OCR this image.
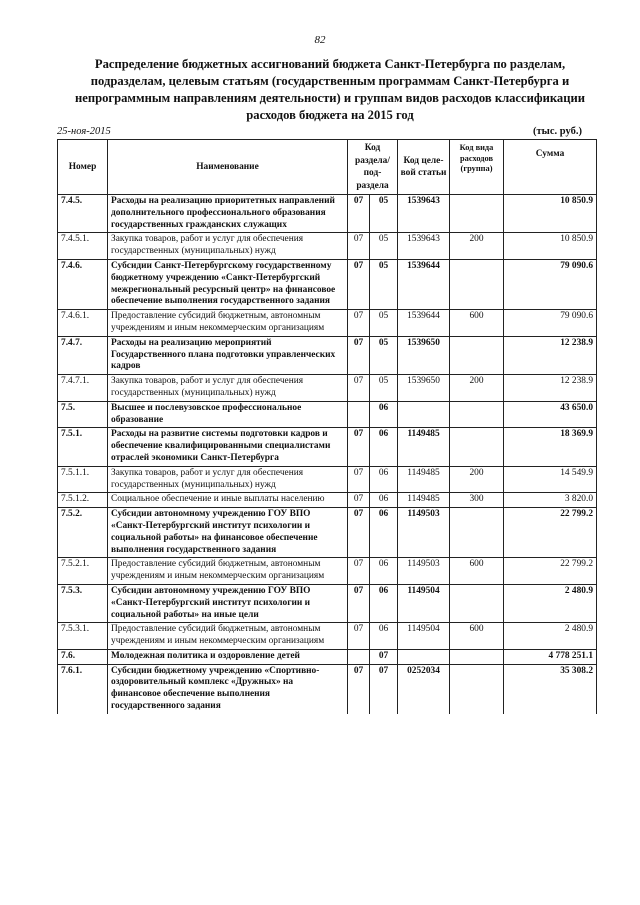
82
Распределение бюджетных ассигнований бюджета Санкт-Петербурга по разделам, подразделам, целевым статьям (государственным программам Санкт-Петербурга и непрограммным направлениям деятельности) и группам видов расходов классификации расходов бюджета на 2015 год
25-ноя-2015	(тыс. руб.)
Номер	Наименование	Код раздела/ под- раздела		Код целе- вой статьи	Код вида расходов (группа)	Сумма
7.4.5.	Расходы на реализацию приоритетных направлений дополнительного профессионального образования государственных гражданских служащих	07	05	1539643		10 850.9
7.4.5.1.	Закупка товаров, работ и услуг для обеспечения государственных (муниципальных) нужд	07	05	1539643	200	10 850.9
7.4.6.	Субсидии Санкт-Петербургскому государственному бюджетному учреждению «Санкт-Петербургский межрегиональный ресурсный центр» на финансовое обеспечение выполнения государственного задания	07	05	1539644		79 090.6
7.4.6.1.	Предоставление субсидий бюджетным, автономным учреждениям и иным некоммерческим организациям	07	05	1539644	600	79 090.6
7.4.7.	Расходы на реализацию мероприятий Государственного плана подготовки управленческих кадров	07	05	1539650		12 238.9
7.4.7.1.	Закупка товаров, работ и услуг для обеспечения государственных (муниципальных) нужд	07	05	1539650	200	12 238.9
7.5.	Высшее и послевузовское профессиональное образование		06			43 650.0
7.5.1.	Расходы на развитие системы подготовки кадров и обеспечение квалифицированными специалистами отраслей экономики Санкт-Петербурга	07	06	1149485		18 369.9
7.5.1.1.	Закупка товаров, работ и услуг для обеспечения государственных (муниципальных) нужд	07	06	1149485	200	14 549.9
7.5.1.2.	Социальное обеспечение и иные выплаты населению	07	06	1149485	300	3 820.0
7.5.2.	Субсидии автономному учреждению ГОУ ВПО «Санкт-Петербургский институт психологии и социальной работы» на финансовое обеспечение выполнения государственного задания	07	06	1149503		22 799.2
7.5.2.1.	Предоставление субсидий бюджетным, автономным учреждениям и иным некоммерческим организациям	07	06	1149503	600	22 799.2
7.5.3.	Субсидии автономному учреждению ГОУ ВПО «Санкт-Петербургский институт психологии и социальной работы» на иные цели	07	06	1149504		2 480.9
7.5.3.1.	Предоставление субсидий бюджетным, автономным учреждениям и иным некоммерческим организациям	07	06	1149504	600	2 480.9
7.6.	Молодежная политика и оздоровление детей		07			4 778 251.1
7.6.1.	Субсидии бюджетному учреждению «Спортивно-оздоровительный комплекс «Дружных» на финансовое обеспечение выполнения государственного задания	07	07	0252034		35 308.2
